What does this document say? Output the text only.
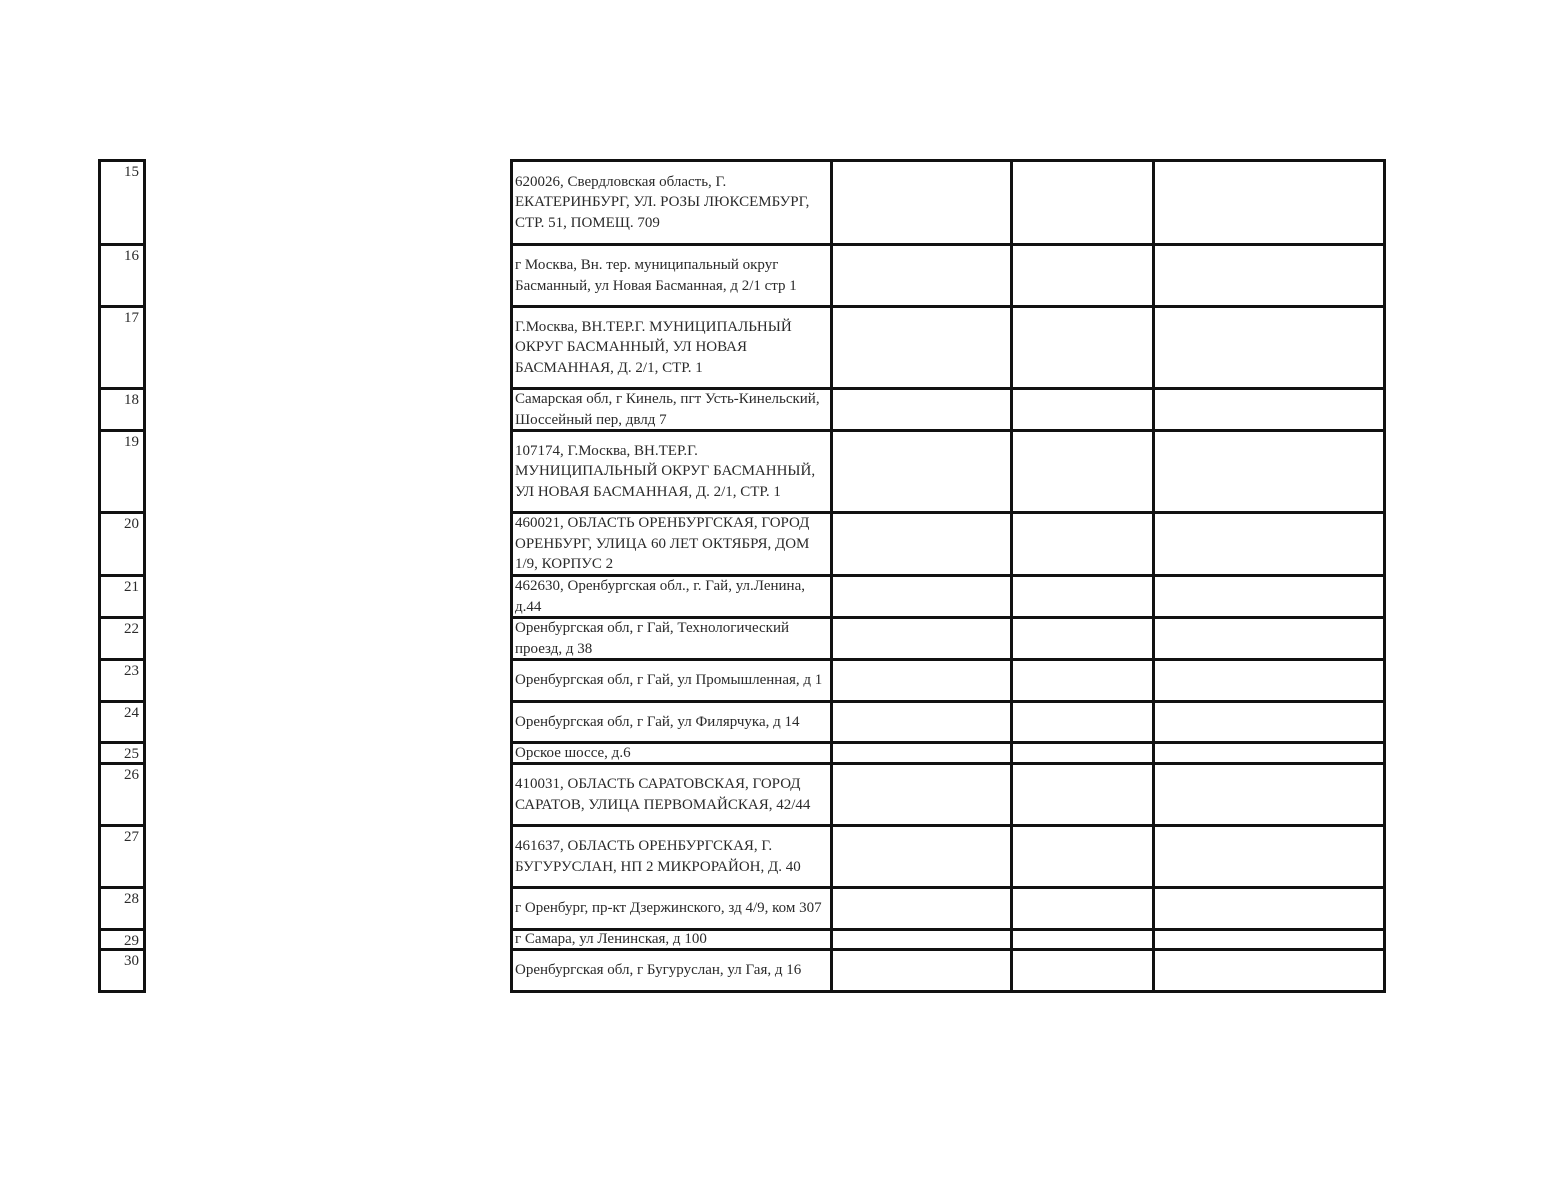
15
16
17
18
19
20
21
22
23
24
25
26
27
28
29
30
620026, Свердловская область, Г. ЕКАТЕРИНБУРГ, УЛ. РОЗЫ ЛЮКСЕМБУРГ, СТР. 51, ПОМЕЩ. 709
г Москва, Вн. тер. муниципальный округ Басманный, ул Новая Басманная, д 2/1 стр 1
Г.Москва, ВН.ТЕР.Г. МУНИЦИПАЛЬНЫЙ ОКРУГ БАСМАННЫЙ, УЛ НОВАЯ БАСМАННАЯ, Д. 2/1, СТР. 1
Самарская обл, г Кинель, пгт Усть-Кинельский, Шоссейный пер, двлд 7
107174, Г.Москва, ВН.ТЕР.Г. МУНИЦИПАЛЬНЫЙ ОКРУГ БАСМАННЫЙ, УЛ НОВАЯ БАСМАННАЯ, Д. 2/1, СТР. 1
460021, ОБЛАСТЬ ОРЕНБУРГСКАЯ, ГОРОД ОРЕНБУРГ, УЛИЦА 60 ЛЕТ ОКТЯБРЯ, ДОМ 1/9, КОРПУС 2
462630, Оренбургская обл., г. Гай, ул.Ленина, д.44
Оренбургская обл, г Гай, Технологический проезд, д 38
Оренбургская обл, г Гай, ул Промышленная, д 1
Оренбургская обл, г Гай, ул Филярчука, д 14
Орское шоссе, д.6
410031, ОБЛАСТЬ САРАТОВСКАЯ, ГОРОД САРАТОВ, УЛИЦА ПЕРВОМАЙСКАЯ, 42/44
461637, ОБЛАСТЬ ОРЕНБУРГСКАЯ, Г. БУГУРУСЛАН, НП 2 МИКРОРАЙОН, Д. 40
г Оренбург, пр-кт Дзержинского, зд 4/9, ком 307
г Самара, ул Ленинская, д 100
Оренбургская обл, г Бугуруслан, ул Гая, д 16
